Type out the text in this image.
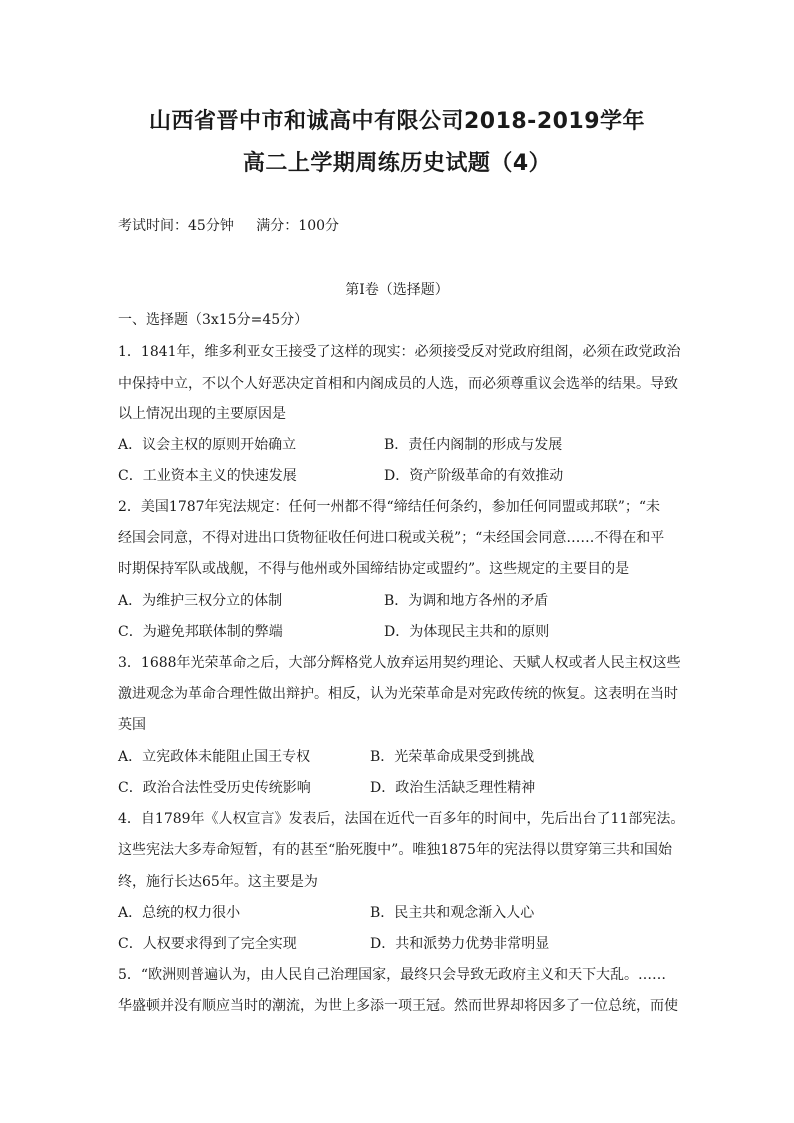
山西省晋中市和诚高中有限公司2018-2019学年
高二上学期周练历史试题（4）
考试时间：45分钟 满分：100分
第Ⅰ卷（选择题）
一、选择题（3x15分=45分）
1．1841年，维多利亚女王接受了这样的现实：必须接受反对党政府组阁，必须在政党政治
中保持中立，不以个人好恶决定首相和内阁成员的人选，而必须尊重议会选举的结果。导致
以上情况出现的主要原因是
A．议会主权的原则开始确立	B．责任内阁制的形成与发展
C．工业资本主义的快速发展	D．资产阶级革命的有效推动
2．美国1787年宪法规定：任何一州都不得“缔结任何条约，参加任何同盟或邦联”；“未
经国会同意，不得对进出口货物征收任何进口税或关税”；“未经国会同意……不得在和平
时期保持军队或战舰，不得与他州或外国缔结协定或盟约”。这些规定的主要目的是
A．为维护三权分立的体制	B．为调和地方各州的矛盾
C．为避免邦联体制的弊端	D．为体现民主共和的原则
3．1688年光荣革命之后，大部分辉格党人放弃运用契约理论、天赋人权或者人民主权这些
激进观念为革命合理性做出辩护。相反，认为光荣革命是对宪政传统的恢复。这表明在当时
英国
A．立宪政体未能阻止国王专权	B．光荣革命成果受到挑战
C．政治合法性受历史传统影响	D．政治生活缺乏理性精神
4．自1789年《人权宣言》发表后，法国在近代一百多年的时间中，先后出台了11部宪法。
这些宪法大多寿命短暂，有的甚至“胎死腹中”。唯独1875年的宪法得以贯穿第三共和国始
终，施行长达65年。这主要是为
A．总统的权力很小	B．民主共和观念渐入人心
C．人权要求得到了完全实现	D．共和派势力优势非常明显
5．“欧洲则普遍认为，由人民自己治理国家，最终只会导致无政府主义和天下大乱。……
华盛顿并没有顺应当时的潮流，为世上多添一项王冠。然而世界却将因多了一位总统，而使
